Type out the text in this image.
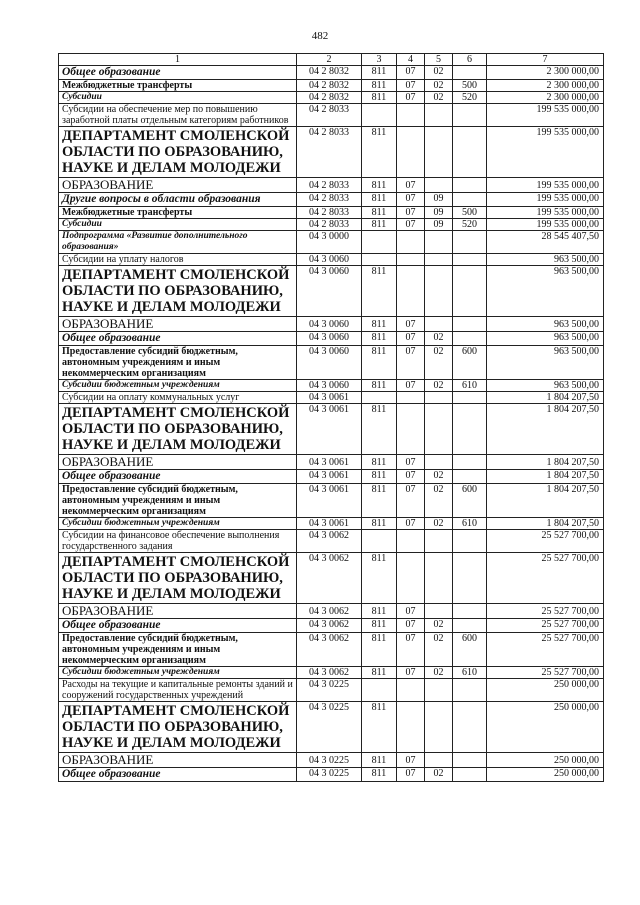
482
1	2	3	4	5	6	7
Общее образование	04 2 8032	811	07	02		2 300 000,00
Межбюджетные трансферты	04 2 8032	811	07	02	500	2 300 000,00
Субсидии	04 2 8032	811	07	02	520	2 300 000,00
Субсидии на обеспечение мер по повышению заработной платы отдельным категориям работников	04 2 8033					199 535 000,00
ДЕПАРТАМЕНТ СМОЛЕНСКОЙ ОБЛАСТИ ПО ОБРАЗОВАНИЮ, НАУКЕ И ДЕЛАМ МОЛОДЕЖИ	04 2 8033	811				199 535 000,00
ОБРАЗОВАНИЕ	04 2 8033	811	07			199 535 000,00
Другие вопросы в области образования	04 2 8033	811	07	09		199 535 000,00
Межбюджетные трансферты	04 2 8033	811	07	09	500	199 535 000,00
Субсидии	04 2 8033	811	07	09	520	199 535 000,00
Подпрограмма «Развитие дополнительного образования»	04 3 0000					28 545 407,50
Субсидии на уплату налогов	04 3 0060					963 500,00
ДЕПАРТАМЕНТ СМОЛЕНСКОЙ ОБЛАСТИ ПО ОБРАЗОВАНИЮ, НАУКЕ И ДЕЛАМ МОЛОДЕЖИ	04 3 0060	811				963 500,00
ОБРАЗОВАНИЕ	04 3 0060	811	07			963 500,00
Общее образование	04 3 0060	811	07	02		963 500,00
Предоставление субсидий бюджетным, автономным учреждениям и иным некоммерческим организациям	04 3 0060	811	07	02	600	963 500,00
Субсидии бюджетным учреждениям	04 3 0060	811	07	02	610	963 500,00
Субсидии на оплату коммунальных услуг	04 3 0061					1 804 207,50
ДЕПАРТАМЕНТ СМОЛЕНСКОЙ ОБЛАСТИ ПО ОБРАЗОВАНИЮ, НАУКЕ И ДЕЛАМ МОЛОДЕЖИ	04 3 0061	811				1 804 207,50
ОБРАЗОВАНИЕ	04 3 0061	811	07			1 804 207,50
Общее образование	04 3 0061	811	07	02		1 804 207,50
Предоставление субсидий бюджетным, автономным учреждениям и иным некоммерческим организациям	04 3 0061	811	07	02	600	1 804 207,50
Субсидии бюджетным учреждениям	04 3 0061	811	07	02	610	1 804 207,50
Субсидии на финансовое обеспечение выполнения государственного задания	04 3 0062					25 527 700,00
ДЕПАРТАМЕНТ СМОЛЕНСКОЙ ОБЛАСТИ ПО ОБРАЗОВАНИЮ, НАУКЕ И ДЕЛАМ МОЛОДЕЖИ	04 3 0062	811				25 527 700,00
ОБРАЗОВАНИЕ	04 3 0062	811	07			25 527 700,00
Общее образование	04 3 0062	811	07	02		25 527 700,00
Предоставление субсидий бюджетным, автономным учреждениям и иным некоммерческим организациям	04 3 0062	811	07	02	600	25 527 700,00
Субсидии бюджетным учреждениям	04 3 0062	811	07	02	610	25 527 700,00
Расходы на текущие и капитальные ремонты зданий и сооружений государственных учреждений	04 3 0225					250 000,00
ДЕПАРТАМЕНТ СМОЛЕНСКОЙ ОБЛАСТИ ПО ОБРАЗОВАНИЮ, НАУКЕ И ДЕЛАМ МОЛОДЕЖИ	04 3 0225	811				250 000,00
ОБРАЗОВАНИЕ	04 3 0225	811	07			250 000,00
Общее образование	04 3 0225	811	07	02		250 000,00
